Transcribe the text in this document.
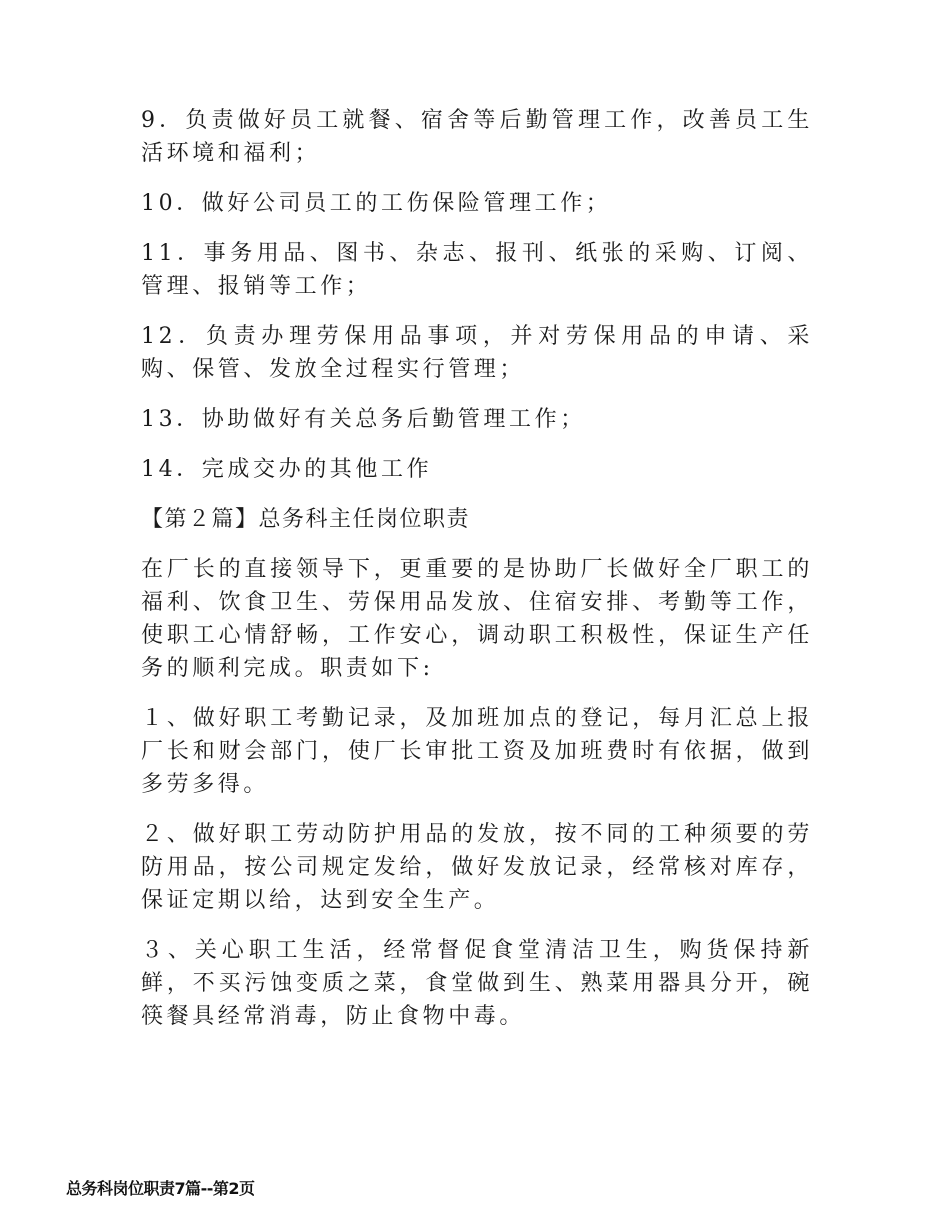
9．负责做好员工就餐、宿舍等后勤管理工作，改善员工生活环境和福利；

10．做好公司员工的工伤保险管理工作；

11．事务用品、图书、杂志、报刊、纸张的采购、订阅、管理、报销等工作；

12．负责办理劳保用品事项，并对劳保用品的申请、采购、保管、发放全过程实行管理；

13．协助做好有关总务后勤管理工作；

14．完成交办的其他工作

【第２篇】总务科主任岗位职责

在厂长的直接领导下，更重要的是协助厂长做好全厂职工的福利、饮食卫生、劳保用品发放、住宿安排、考勤等工作，使职工心情舒畅，工作安心，调动职工积极性，保证生产任务的顺利完成。职责如下:

１、做好职工考勤记录，及加班加点的登记，每月汇总上报厂长和财会部门，使厂长审批工资及加班费时有依据，做到多劳多得。

２、做好职工劳动防护用品的发放，按不同的工种须要的劳防用品，按公司规定发给，做好发放记录，经常核对库存，保证定期以给，达到安全生产。

３、关心职工生活，经常督促食堂清洁卫生，购货保持新鲜，不买污蚀变质之菜，食堂做到生、熟菜用器具分开，碗筷餐具经常消毒，防止食物中毒。

总务科岗位职责7篇--第2页
